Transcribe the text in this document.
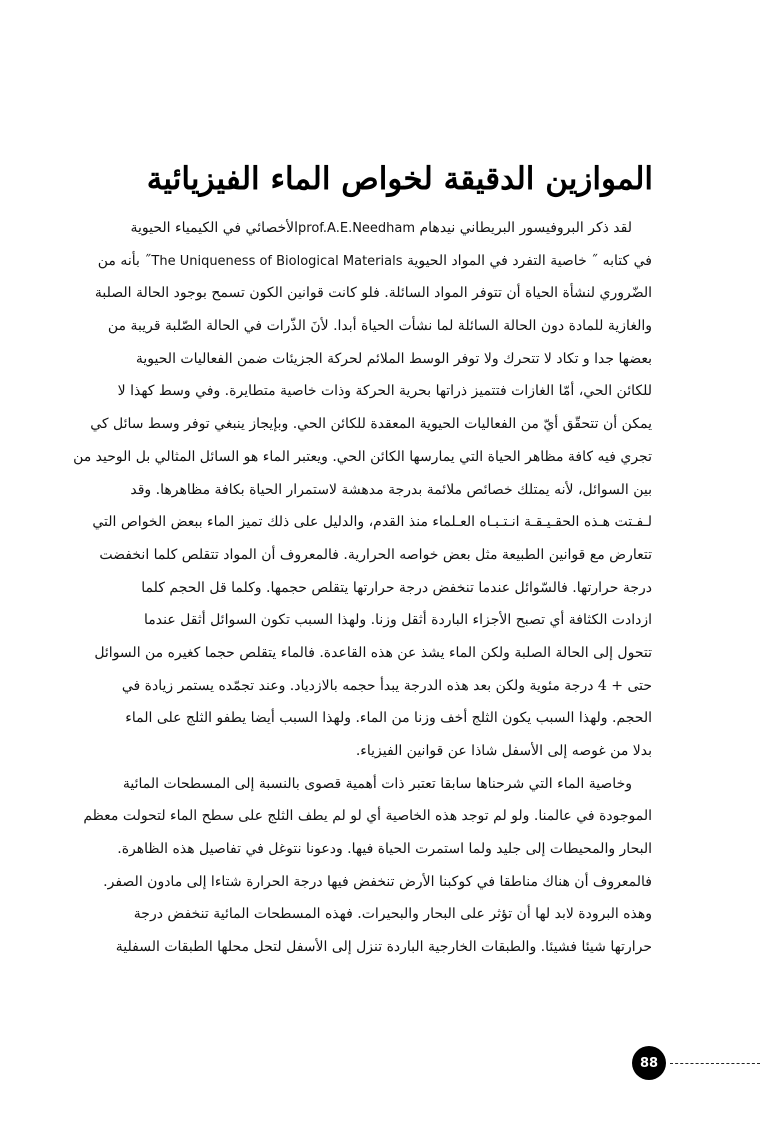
الموازين الدقيقة لخواص الماء الفيزيائية
لقد ذكر البروفيسور البريطاني نيدهام prof.A.E.Needhamالأخصائي في الكيمياء الحيوية
في كتابه ˝ خاصية التفرد في المواد الحيوية The Uniqueness of Biological Materials˝ بأنه من
الضّروري لنشأة الحياة أن تتوفر المواد السائلة. فلو كانت قوانين الكون تسمح بوجود الحالة الصلبة
والغازية للمادة دون الحالة السائلة لما نشأت الحياة أبدا. لأنَ الذّرات في الحالة الصّلبة قريبة من
بعضها جدا و تكاد لا تتحرك ولا توفر الوسط الملائم لحركة الجزيئات ضمن الفعاليات الحيوية
للكائن الحي، أمّا الغازات فتتميز ذراتها بحرية الحركة وذات خاصية متطايرة. وفي وسط كهذا لا
يمكن أن تتحقّق أيّ من الفعاليات الحيوية المعقدة للكائن الحي. وبإيجاز ينبغي توفر وسط سائل كي
تجري فيه كافة مظاهر الحياة التي يمارسها الكائن الحي. ويعتبر الماء هو السائل المثالي بل الوحيد من
بين السوائل، لأنه يمتلك خصائص ملائمة بدرجة مدهشة لاستمرار الحياة بكافة مظاهرها. وقد
لـفـتت هـذه الحقـيـقـة انـتـبـاه العـلماء منذ القدم، والدليل على ذلك تميز الماء ببعض الخواص التي
تتعارض مع قوانين الطبيعة مثل بعض خواصه الحرارية. فالمعروف أن المواد تتقلص كلما انخفضت
درجة حرارتها. فالسّوائل عندما تنخفض درجة حرارتها يتقلص حجمها. وكلما قل الحجم كلما
ازدادت الكثافة أي تصبح الأجزاء الباردة أثقل وزنا. ولهذا السبب تكون السوائل أثقل عندما
تتحول إلى الحالة الصلبة ولكن الماء يشذ عن هذه القاعدة. فالماء يتقلص حجما كغيره من السوائل
حتى + 4 درجة مئوية ولكن بعد هذه الدرجة يبدأ حجمه بالازدياد. وعند تجمّده يستمر زيادة في
الحجم. ولهذا السبب يكون الثلج أخف وزنا من الماء. ولهذا السبب أيضا يطفو الثلج على الماء
بدلا من غوصه إلى الأسفل شاذا عن قوانين الفيزياء.
وخاصية الماء التي شرحناها سابقا تعتبر ذات أهمية قصوى بالنسبة إلى المسطحات المائية
الموجودة في عالمنا. ولو لم توجد هذه الخاصية أي لو لم يطف الثلج على سطح الماء لتحولت معظم
البحار والمحيطات إلى جليد ولما استمرت الحياة فيها. ودعونا نتوغل في تفاصيل هذه الظاهرة.
فالمعروف أن هناك مناطقا في كوكبنا الأرض تنخفض فيها درجة الحرارة شتاءا إلى مادون الصفر.
وهذه البرودة لابد لها أن تؤثر على البحار والبحيرات. فهذه المسطحات المائية تنخفض درجة
حرارتها شيئا فشيئا. والطبقات الخارجية الباردة تنزل إلى الأسفل لتحل محلها الطبقات السفلية
88
